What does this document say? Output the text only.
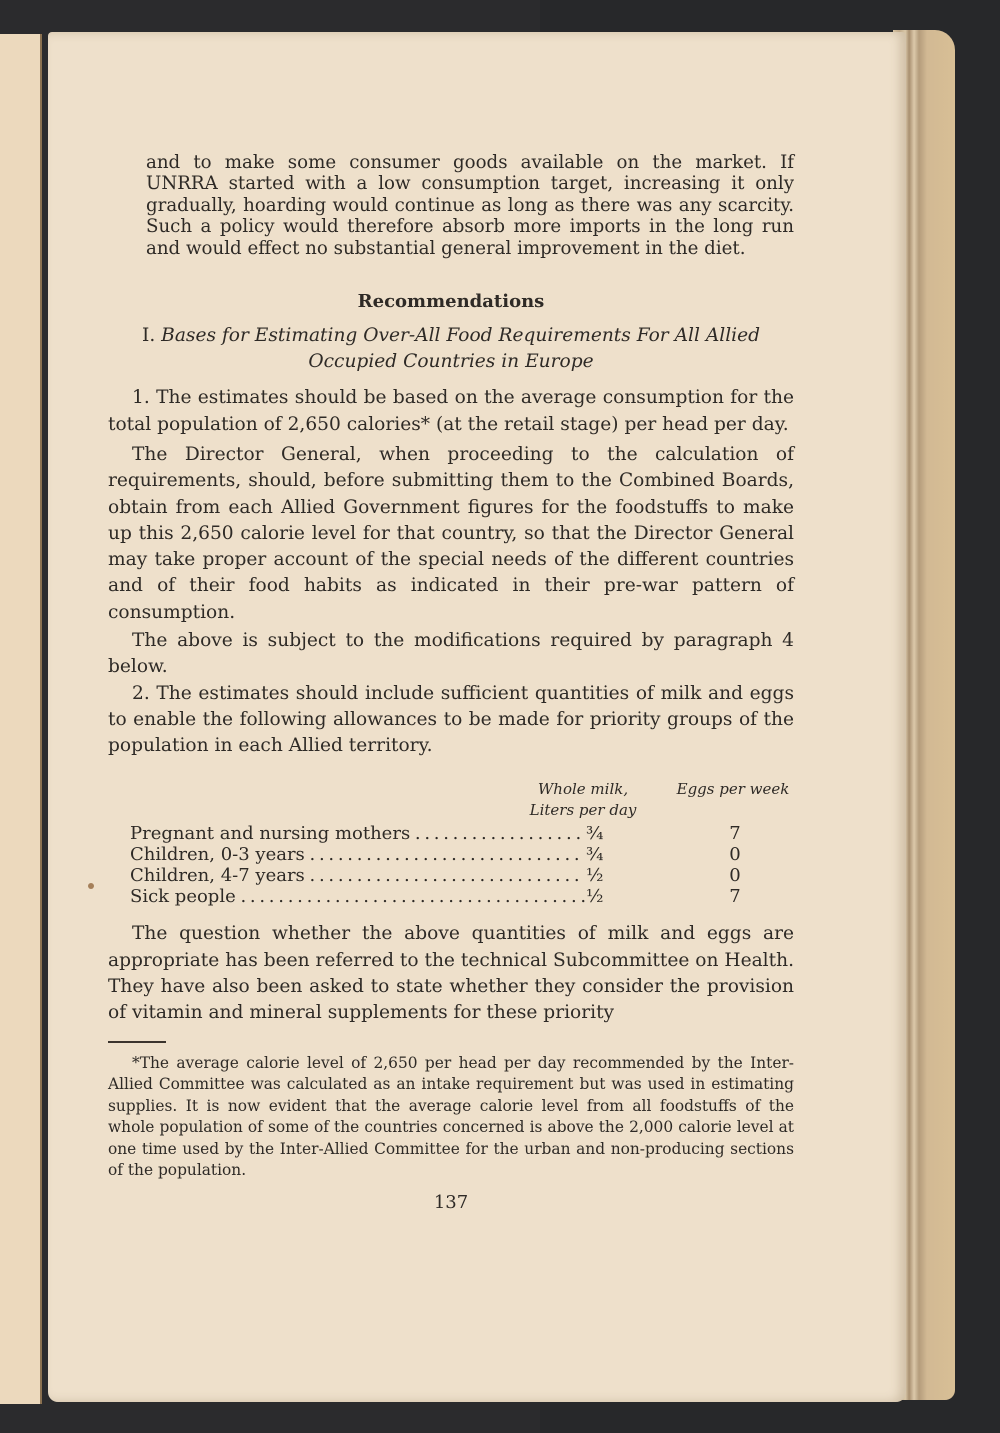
and to make some consumer goods available on the market. If UNRRA started with a low consumption target, increasing it only gradually, hoarding would continue as long as there was any scarcity. Such a policy would therefore absorb more imports in the long run and would effect no substantial general improvement in the diet.

Recommendations
I. Bases for Estimating Over-All Food Requirements For All Allied Occupied Countries in Europe

1. The estimates should be based on the average consumption for the total population of 2,650 calories* (at the retail stage) per head per day.

The Director General, when proceeding to the calculation of requirements, should, before submitting them to the Combined Boards, obtain from each Allied Government figures for the foodstuffs to make up this 2,650 calorie level for that country, so that the Director General may take proper account of the special needs of the different countries and of their food habits as indicated in their pre-war pattern of consumption.

The above is subject to the modifications required by paragraph 4 below.

2. The estimates should include sufficient quantities of milk and eggs to enable the following allowances to be made for priority groups of the population in each Allied territory.

Whole milk,
Liters per day
Eggs per week
Pregnant and nursing mothers . . .	¾	7
Children, 0-3 years . . .	¾	0
Children, 4-7 years . . .	½	0
Sick people . . .	½	7

The question whether the above quantities of milk and eggs are appropriate has been referred to the technical Subcommittee on Health. They have also been asked to state whether they consider the provision of vitamin and mineral supplements for these priority

*The average calorie level of 2,650 per head per day recommended by the Inter-Allied Committee was calculated as an intake requirement but was used in estimating supplies. It is now evident that the average calorie level from all foodstuffs of the whole population of some of the countries concerned is above the 2,000 calorie level at one time used by the Inter-Allied Committee for the urban and non-producing sections of the population.

137
